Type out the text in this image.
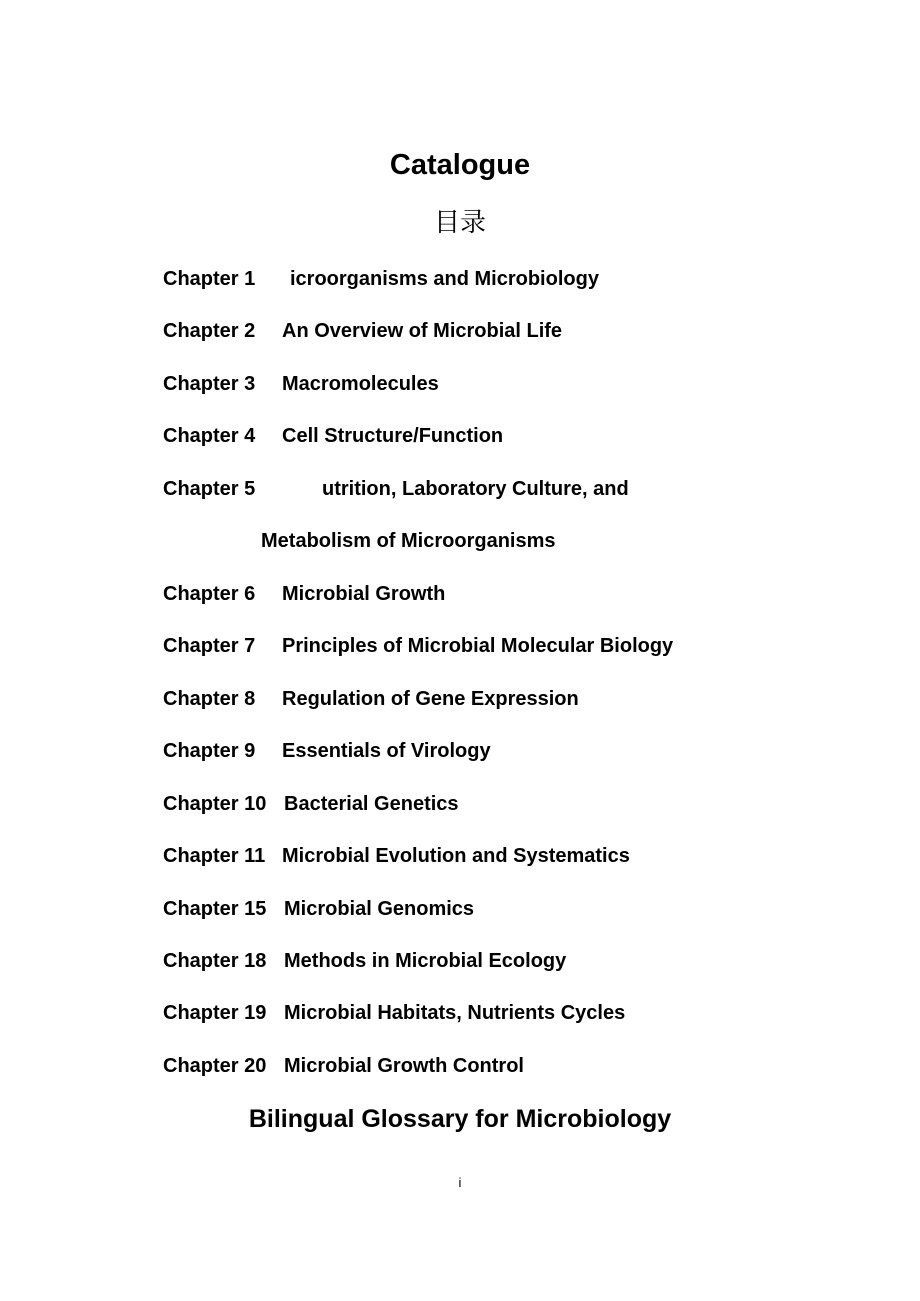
Catalogue
目录
Chapter 1 icroorganisms and Microbiology
Chapter 2 An Overview of Microbial Life
Chapter 3 Macromolecules
Chapter 4 Cell Structure/Function
Chapter 5	utrition, Laboratory Culture, and
Metabolism of Microorganisms
Chapter 6 Microbial Growth
Chapter 7 Principles of Microbial Molecular Biology
Chapter 8 Regulation of Gene Expression
Chapter 9 Essentials of Virology
Chapter 10 Bacterial Genetics
Chapter 11 Microbial Evolution and Systematics
Chapter 15 Microbial Genomics
Chapter 18 Methods in Microbial Ecology
Chapter 19 Microbial Habitats, Nutrients Cycles
Chapter 20 Microbial Growth Control
Bilingual Glossary for Microbiology
i
